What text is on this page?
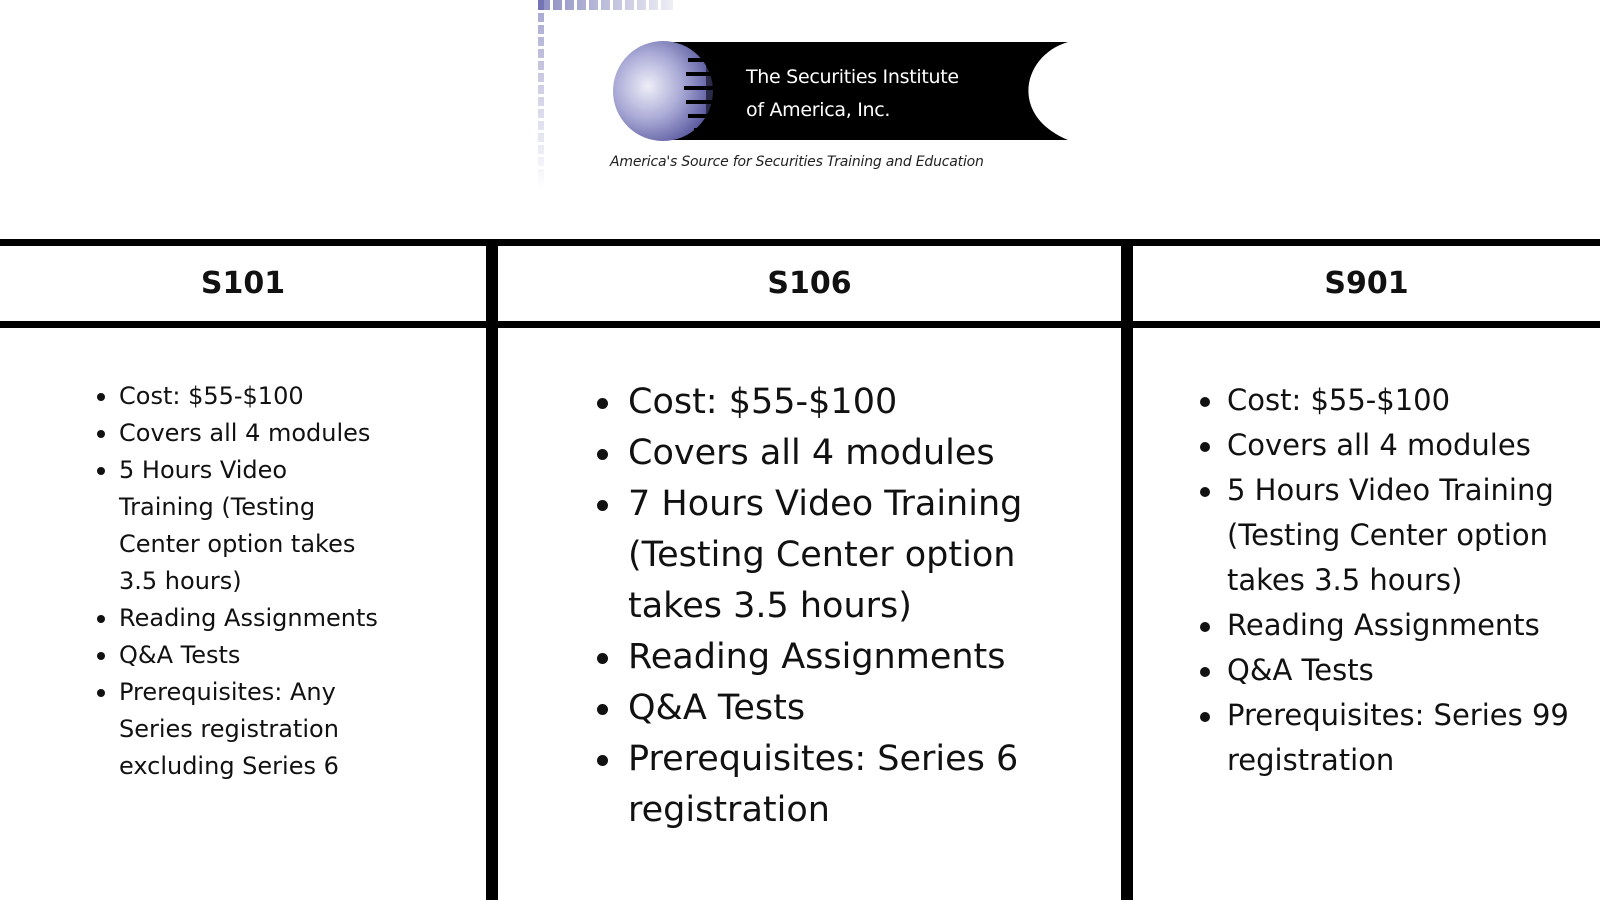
The Securities Institute
of America, Inc.
America's Source for Securities Training and Education
S101	S106	S901
Cost: $55-$100
Covers all 4 modules
5 Hours Video Training (Testing Center option takes 3.5 hours)
Reading Assignments
Q&A Tests
Prerequisites: Any Series registration excluding Series 6
Cost: $55-$100
Covers all 4 modules
7 Hours Video Training (Testing Center option takes 3.5 hours)
Reading Assignments
Q&A Tests
Prerequisites: Series 6 registration
Cost: $55-$100
Covers all 4 modules
5 Hours Video Training (Testing Center option takes 3.5 hours)
Reading Assignments
Q&A Tests
Prerequisites: Series 99 registration
